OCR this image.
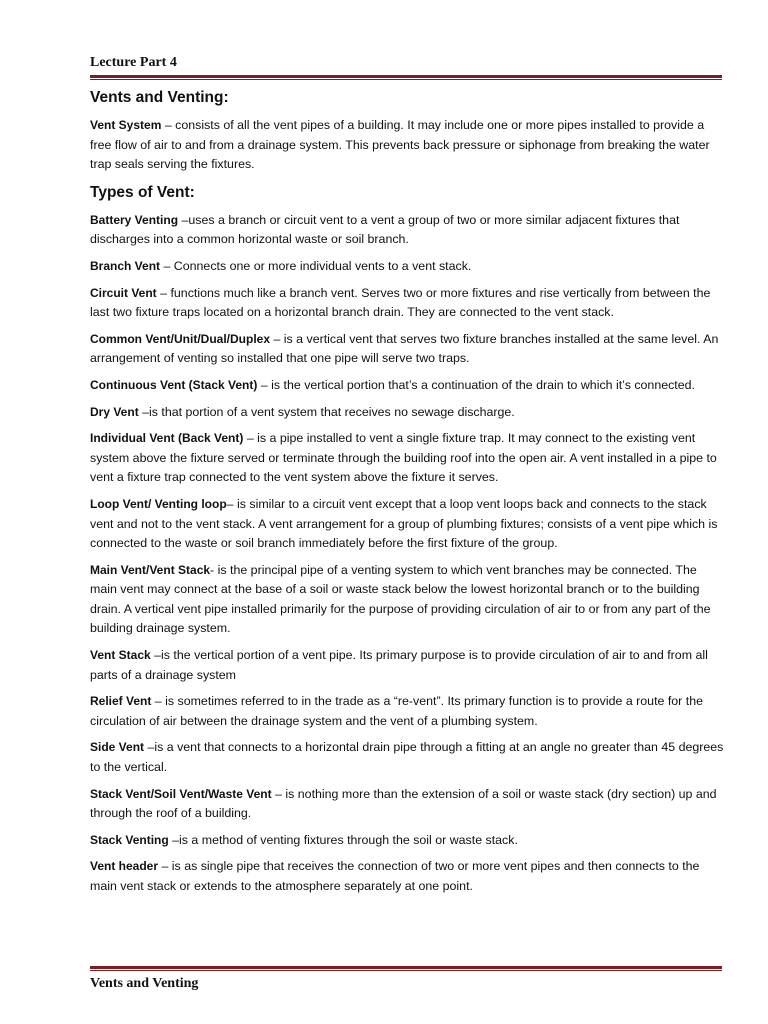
Lecture Part 4
Vents and Venting:

Vent System – consists of all the vent pipes of a building. It may include one or more pipes installed to provide a free flow of air to and from a drainage system. This prevents back pressure or siphonage from breaking the water trap seals serving the fixtures.

Types of Vent:

Battery Venting –uses a branch or circuit vent to a vent a group of two or more similar adjacent fixtures that discharges into a common horizontal waste or soil branch.

Branch Vent – Connects one or more individual vents to a vent stack.

Circuit Vent – functions much like a branch vent. Serves two or more fixtures and rise vertically from between the last two fixture traps located on a horizontal branch drain. They are connected to the vent stack.

Common Vent/Unit/Dual/Duplex – is a vertical vent that serves two fixture branches installed at the same level. An arrangement of venting so installed that one pipe will serve two traps.

Continuous Vent (Stack Vent) – is the vertical portion that’s a continuation of the drain to which it’s connected.

Dry Vent –is that portion of a vent system that receives no sewage discharge.

Individual Vent (Back Vent) – is a pipe installed to vent a single fixture trap. It may connect to the existing vent system above the fixture served or terminate through the building roof into the open air. A vent installed in a pipe to vent a fixture trap connected to the vent system above the fixture it serves.

Loop Vent/ Venting loop– is similar to a circuit vent except that a loop vent loops back and connects to the stack vent and not to the vent stack. A vent arrangement for a group of plumbing fixtures; consists of a vent pipe which is connected to the waste or soil branch immediately before the first fixture of the group.

Main Vent/Vent Stack- is the principal pipe of a venting system to which vent branches may be connected. The main vent may connect at the base of a soil or waste stack below the lowest horizontal branch or to the building drain. A vertical vent pipe installed primarily for the purpose of providing circulation of air to or from any part of the building drainage system.

Vent Stack –is the vertical portion of a vent pipe. Its primary purpose is to provide circulation of air to and from all parts of a drainage system

Relief Vent – is sometimes referred to in the trade as a “re-vent”. Its primary function is to provide a route for the circulation of air between the drainage system and the vent of a plumbing system.

Side Vent –is a vent that connects to a horizontal drain pipe through a fitting at an angle no greater than 45 degrees to the vertical.

Stack Vent/Soil Vent/Waste Vent – is nothing more than the extension of a soil or waste stack (dry section) up and through the roof of a building.

Stack Venting –is a method of venting fixtures through the soil or waste stack.

Vent header – is as single pipe that receives the connection of two or more vent pipes and then connects to the main vent stack or extends to the atmosphere separately at one point.

Vents and Venting
